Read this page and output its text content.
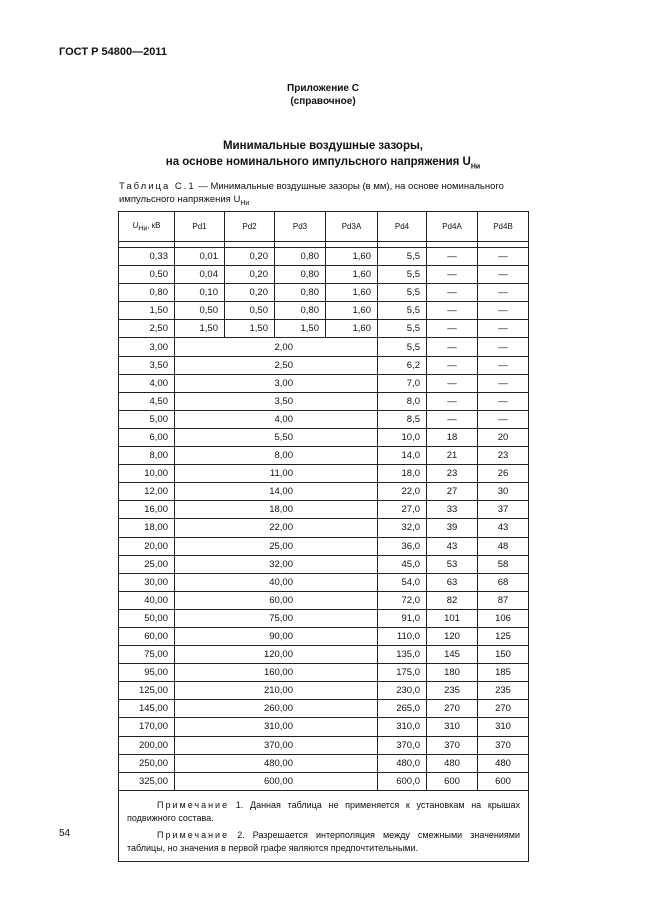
ГОСТ Р 54800—2011
Приложение С
(справочное)
Минимальные воздушные зазоры,
на основе номинального импульсного напряжения $U_{Ни}$
Таблица С.1 — Минимальные воздушные зазоры (в мм), на основе номинального импульсного напряжения $U_{Ни}$
$U_{Ни}$, кВ	Pd1	Pd2	Pd3	Pd3A	Pd4	Pd4A	Pd4B

0,33	0,01	0,20	0,80	1,60	5,5	—	—
0,50	0,04	0,20	0,80	1,60	5,5	—	—
0,80	0,10	0,20	0,80	1,60	5,5	—	—
1,50	0,50	0,50	0,80	1,60	5,5	—	—
2,50	1,50	1,50	1,50	1,60	5,5	—	—
3,00	2,00				5,5	—	—
3,50	2,50				6,2	—	—
4,00	3,00				7,0	—	—
4,50	3,50				8,0	—	—
5,00	4,00				8,5	—	—
6,00	5,50				10,0	18	20
8,00	8,00				14,0	21	23
10,00	11,00				18,0	23	26
12,00	14,00				22,0	27	30
16,00	18,00				27,0	33	37
18,00	22,00				32,0	39	43
20,00	25,00				36,0	43	48
25,00	32,00				45,0	53	58
30,00	40,00				54,0	63	68
40,00	60,00				72,0	82	87
50,00	75,00				91,0	101	106
60,00	90,00				110,0	120	125
75,00	120,00				135,0	145	150
95,00	160,00				175,0	180	185
125,00	210,00				230,0	235	235
145,00	260,00				265,0	270	270
170,00	310,00				310,0	310	310
200,00	370,00				370,0	370	370
250,00	480,00				480,0	480	480
325,00	600,00				600,0	600	600

Примечание 1. Данная таблица не применяется к установкам на крышах подвижного состава.
Примечание 2. Разрешается интерполяция между смежными значениями таблицы, но значения в первой графе являются предпочтительными.							
54
